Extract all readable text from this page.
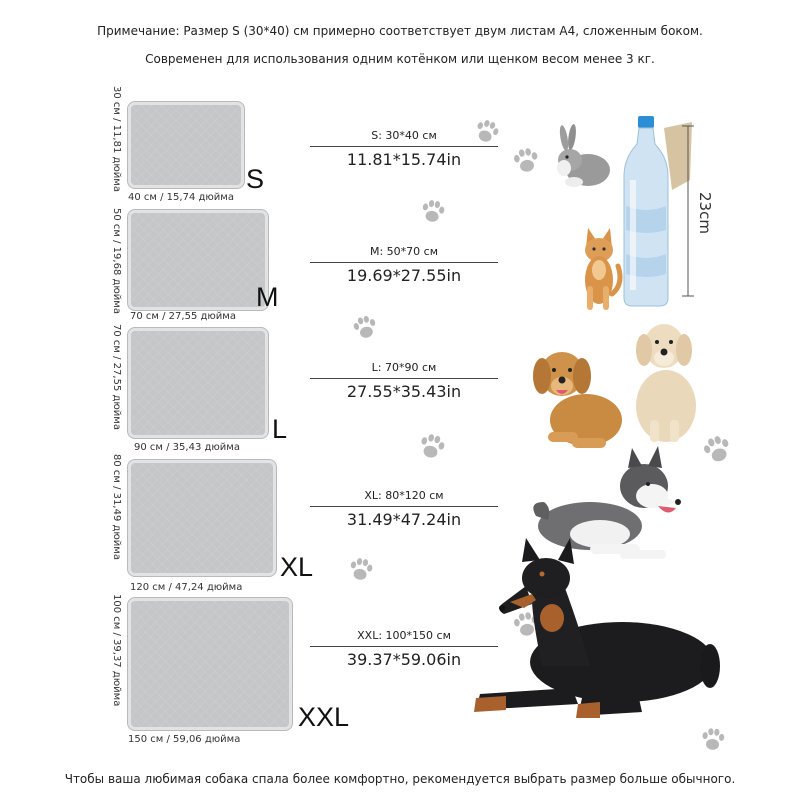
Примечание: Размер S (30*40) см примерно соответствует двум листам А4, сложенным боком.
Современен для использования одним котёнком или щенком весом менее 3 кг.
30 см / 11,81 дюйма
40 см / 15,74 дюйма
S
50 см / 19,68 дюйма
70 см / 27,55 дюйма
M
70 см / 27,55 дюйма
90 см / 35,43 дюйма
L
80 см / 31,49 дюйма
120 см / 47,24 дюйма
XL
100 см / 39,37 дюйма
150 см / 59,06 дюйма
XXL
S: 30*40 см
11.81*15.74in
M: 50*70 см
19.69*27.55in
L: 70*90 см
27.55*35.43in
XL: 80*120 см
31.49*47.24in
XXL: 100*150 см
39.37*59.06in
23cm
Чтобы ваша любимая собака спала более комфортно, рекомендуется выбрать размер больше обычного.
